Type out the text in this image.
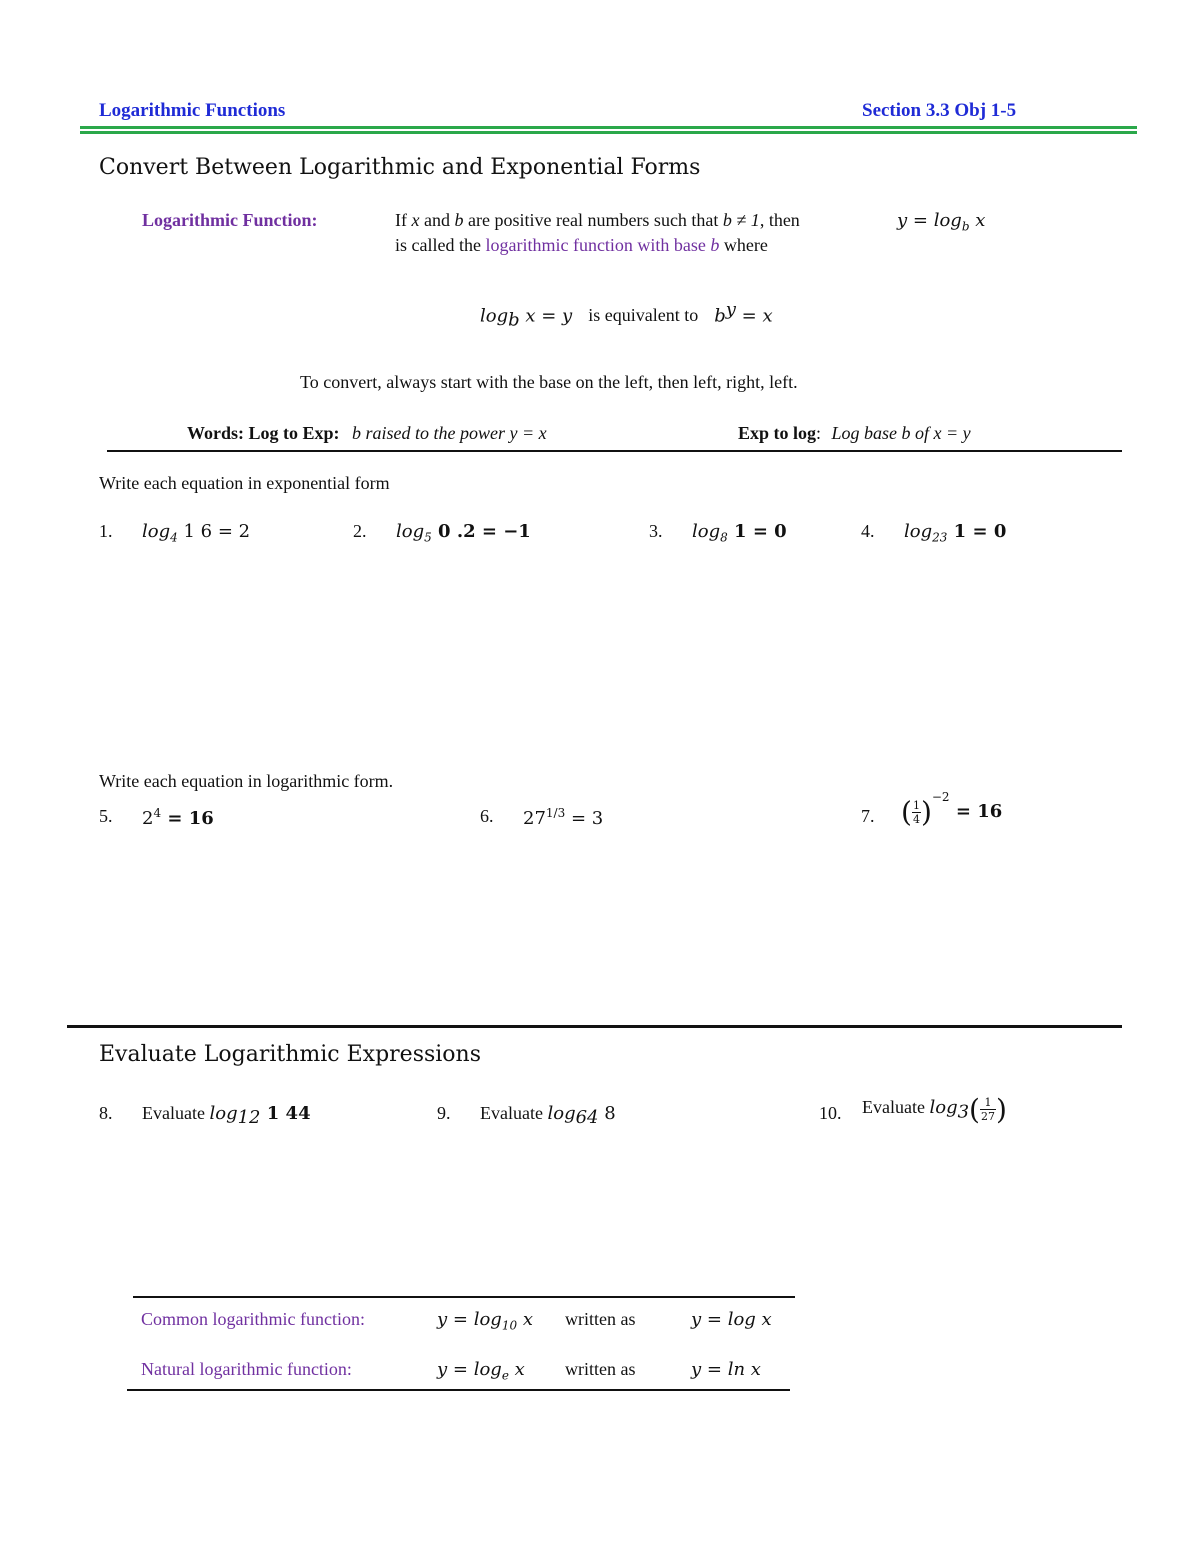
Logarithmic Functions	Section 3.3 Obj 1-5
Convert Between Logarithmic and Exponential Forms
Logarithmic Function:	If x and b are positive real numbers such that b ≠ 1, then	$y = \log_b x$
is called the logarithmic function with base b where
$\log_b x = y$ is equivalent to $b^y = x$
To convert, always start with the base on the left, then left, right, left.
Words: Log to Exp: b raised to the power y = x	Exp to log: Log base b of x = y
Write each equation in exponential form
1. $\log_4 1$ 6 = 2	2. $\log_5 0$ .2 = −1	3. $\log_8 1 = 0$	4. $\log_{23} 1 = 0$
Write each equation in logarithmic form.
5. $2^4 = 16$	6. $27^{1/3} = 3$	7. ( $\frac{1}{4} )^{-2} = 16$
Evaluate Logarithmic Expressions
8. Evaluate $\log_{12} 1$ 44	9. Evaluate $\log_{64} 8$	10. Evaluate $\log_3( \frac{1}{27}$ )
Common logarithmic function:	$y = \log_{10} x$ written as	y = log x
Natural logarithmic function:	$y = \log_e x$ written as	y = ln x
